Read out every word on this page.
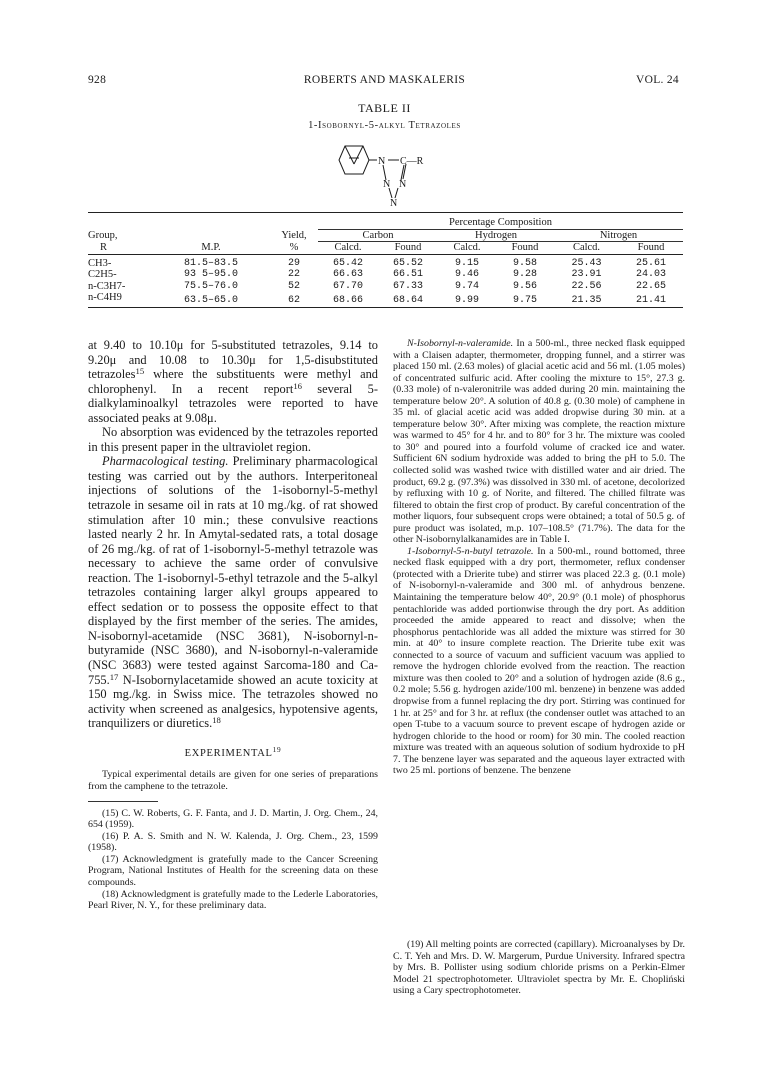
928	ROBERTS AND MASKALERIS	VOL. 24
TABLE II
1-Isobornyl-5-alkyl Tetrazoles
N C—R
N N
N

			Percentage Composition					
Group,		Yield,	Carbon		Hydrogen		Nitrogen	
R	M.P.	%	Calcd.	Found	Calcd.	Found	Calcd.	Found

CH3-	81.5–83.5	29	65.42	65.52	9.15	9.58	25.43	25.61
C2H5-	93 5–95.0	22	66.63	66.51	9.46	9.28	23.91	24.03
n-C3H7-	75.5–76.0	52	67.70	67.33	9.74	9.56	22.56	22.65
n-C4H9	63.5–65.0	62	68.66	68.64	9.99	9.75	21.35	21.41

at 9.40 to 10.10μ for 5-substituted tetrazoles, 9.14 to 9.20μ and 10.08 to 10.30μ for 1,5-disubstituted tetrazoles$^{15}$ where the substituents were methyl and chlorophenyl. In a recent report$^{16}$ several 5-dialkylaminoalkyl tetrazoles were reported to have associated peaks at 9.08μ.

No absorption was evidenced by the tetrazoles reported in this present paper in the ultraviolet region.

Pharmacological testing. Preliminary pharmacological testing was carried out by the authors. Interperitoneal injections of solutions of the 1-isobornyl-5-methyl tetrazole in sesame oil in rats at 10 mg./kg. of rat showed stimulation after 10 min.; these convulsive reactions lasted nearly 2 hr. In Amytal-sedated rats, a total dosage of 26 mg./kg. of rat of 1-isobornyl-5-methyl tetrazole was necessary to achieve the same order of convulsive reaction. The 1-isobornyl-5-ethyl tetrazole and the 5-alkyl tetrazoles containing larger alkyl groups appeared to effect sedation or to possess the opposite effect to that displayed by the first member of the series. The amides, N-isobornyl-acetamide (NSC 3681), N-isobornyl-n-butyramide (NSC 3680), and N-isobornyl-n-valeramide (NSC 3683) were tested against Sarcoma-180 and Ca-755.17 N-Isobornylacetamide showed an acute toxicity at 150 mg./kg. in Swiss mice. The tetrazoles showed no activity when screened as analgesics, hypotensive agents, tranquilizers or diuretics.$^{18}$

EXPERIMENTAL$^{19}$

Typical experimental details are given for one series of preparations from the camphene to the tetrazole.

(15) C. W. Roberts, G. F. Fanta, and J. D. Martin, J. Org. Chem., 24, 654 (1959).

(16) P. A. S. Smith and N. W. Kalenda, J. Org. Chem., 23, 1599 (1958).

(17) Acknowledgment is gratefully made to the Cancer Screening Program, National Institutes of Health for the screening data on these compounds.

(18) Acknowledgment is gratefully made to the Lederle Laboratories, Pearl River, N. Y., for these preliminary data.

N-Isobornyl-n-valeramide. In a 500-ml., three necked flask equipped with a Claisen adapter, thermometer, dropping funnel, and a stirrer was placed 150 ml. (2.63 moles) of glacial acetic acid and 56 ml. (1.05 moles) of concentrated sulfuric acid. After cooling the mixture to 15°, 27.3 g. (0.33 mole) of n-valeronitrile was added during 20 min. maintaining the temperature below 20°. A solution of 40.8 g. (0.30 mole) of camphene in 35 ml. of glacial acetic acid was added dropwise during 30 min. at a temperature below 30°. After mixing was complete, the reaction mixture was warmed to 45° for 4 hr. and to 80° for 3 hr. The mixture was cooled to 30° and poured into a fourfold volume of cracked ice and water. Sufficient 6N sodium hydroxide was added to bring the pH to 5.0. The collected solid was washed twice with distilled water and air dried. The product, 69.2 g. (97.3%) was dissolved in 330 ml. of acetone, decolorized by refluxing with 10 g. of Norite, and filtered. The chilled filtrate was filtered to obtain the first crop of product. By careful concentration of the mother liquors, four subsequent crops were obtained; a total of 50.5 g. of pure product was isolated, m.p. 107–108.5° (71.7%). The data for the other N-isobornylalkanamides are in Table I.

1-Isobornyl-5-n-butyl tetrazole. In a 500-ml., round bottomed, three necked flask equipped with a dry port, thermometer, reflux condenser (protected with a Drierite tube) and stirrer was placed 22.3 g. (0.1 mole) of N-isobornyl-n-valeramide and 300 ml. of anhydrous benzene. Maintaining the temperature below 40°, 20.9° (0.1 mole) of phosphorus pentachloride was added portionwise through the dry port. As addition proceeded the amide appeared to react and dissolve; when the phosphorus pentachloride was all added the mixture was stirred for 30 min. at 40° to insure complete reaction. The Drierite tube exit was connected to a source of vacuum and sufficient vacuum was applied to remove the hydrogen chloride evolved from the reaction. The reaction mixture was then cooled to 20° and a solution of hydrogen azide (8.6 g., 0.2 mole; 5.56 g. hydrogen azide/100 ml. benzene) in benzene was added dropwise from a funnel replacing the dry port. Stirring was continued for 1 hr. at 25° and for 3 hr. at reflux (the condenser outlet was attached to an open T-tube to a vacuum source to prevent escape of hydrogen azide or hydrogen chloride to the hood or room) for 30 min. The cooled reaction mixture was treated with an aqueous solution of sodium hydroxide to pH 7. The benzene layer was separated and the aqueous layer extracted with two 25 ml. portions of benzene. The benzene

(19) All melting points are corrected (capillary). Microanalyses by Dr. C. T. Yeh and Mrs. D. W. Margerum, Purdue University. Infrared spectra by Mrs. B. Pollister using sodium chloride prisms on a Perkin-Elmer Model 21 spectrophotometer. Ultraviolet spectra by Mr. E. Chopliński using a Cary spectrophotometer.
